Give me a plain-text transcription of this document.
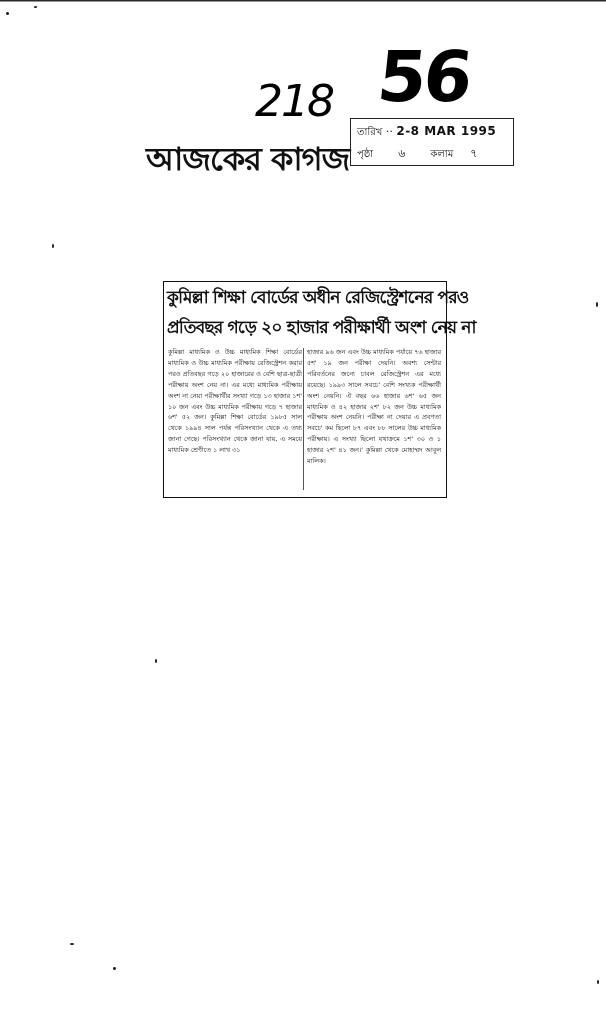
218 56
আজকের কাগজ
তারিখ ·· 2-8 MAR 1995
পৃষ্ঠা ৬	কলাম ৭
কুমিল্লা শিক্ষা বোর্ডের অধীন রেজিস্ট্রেশনের পরও
প্রতিবছর গড়ে ২০ হাজার পরীক্ষার্থী অংশ নেয় না
কুমিল্লা মাধ্যমিক ও উচ্চ মাধ্যমিক শিক্ষা বোর্ডের মাধ্যমিক ও উচ্চ মাধ্যমিক পরীক্ষায় রেজিস্ট্রেশন করার পরও প্রতিবছর গড়ে ২০ হাজারের ও বেশি ছাত্র-ছাত্রী পরীক্ষায় অংশ নেয় না। এর মধ্যে মাধ্যমিক পরীক্ষায় অংশ না নেয়া পরীক্ষার্থীর সংখ্যা গড়ে ১৩ হাজার ১শ' ১০ জন এবং উচ্চ মাধ্যমিক পরীক্ষায় গড়ে ৭ হাজার ৬শ' ৫২ জন। কুমিল্লা শিক্ষা বোর্ডের ১৯৮৫ সাল থেকে ১৯৯৪ সাল পর্যন্ত পরিসংখ্যান থেকে এ তথ্য জানা গেছে। পরিসংখ্যান থেকে জানা যায়, এ সময়ে মাধ্যমিক শ্রেণীতে ১ লাখ ৩১
হাজার ৯৬ জন এবং উচ্চ মাধ্যমিক পর্যায়ে ৭৬ হাজার ৫শ' ১৯ জন পরীক্ষা দেয়নি। অবশ্য সেন্টার পরিবর্তনের জন্যে চাবল রেজিস্ট্রেশন এর মধ্যে রয়েছে। ১৯৯৩ সালে সবচে' বেশি সংখ্যক পরীক্ষার্থী অংশ নেয়নি। ঐ বছর ৬৬ হাজার ৬শ' ৬৫ জন মাধ্যমিক ও ৪২ হাজার ২শ' ৮২ জন উচ্চ মাধ্যমিক পরীক্ষায় অংশ নেয়নি। পরীক্ষা না দেয়ার এ প্রবণতা সবচে' কম ছিলো ৮৭ এবং ৮৮ সালের উচ্চ মাধ্যমিক পরীক্ষায়। এ সংখ্যা ছিলো যথাক্রমে ১শ' ৩০ ও ১ হাজার ২শ' ৪১ জন।' কুমিল্লা থেকে মোহাম্মদ আবুল মালিক।
